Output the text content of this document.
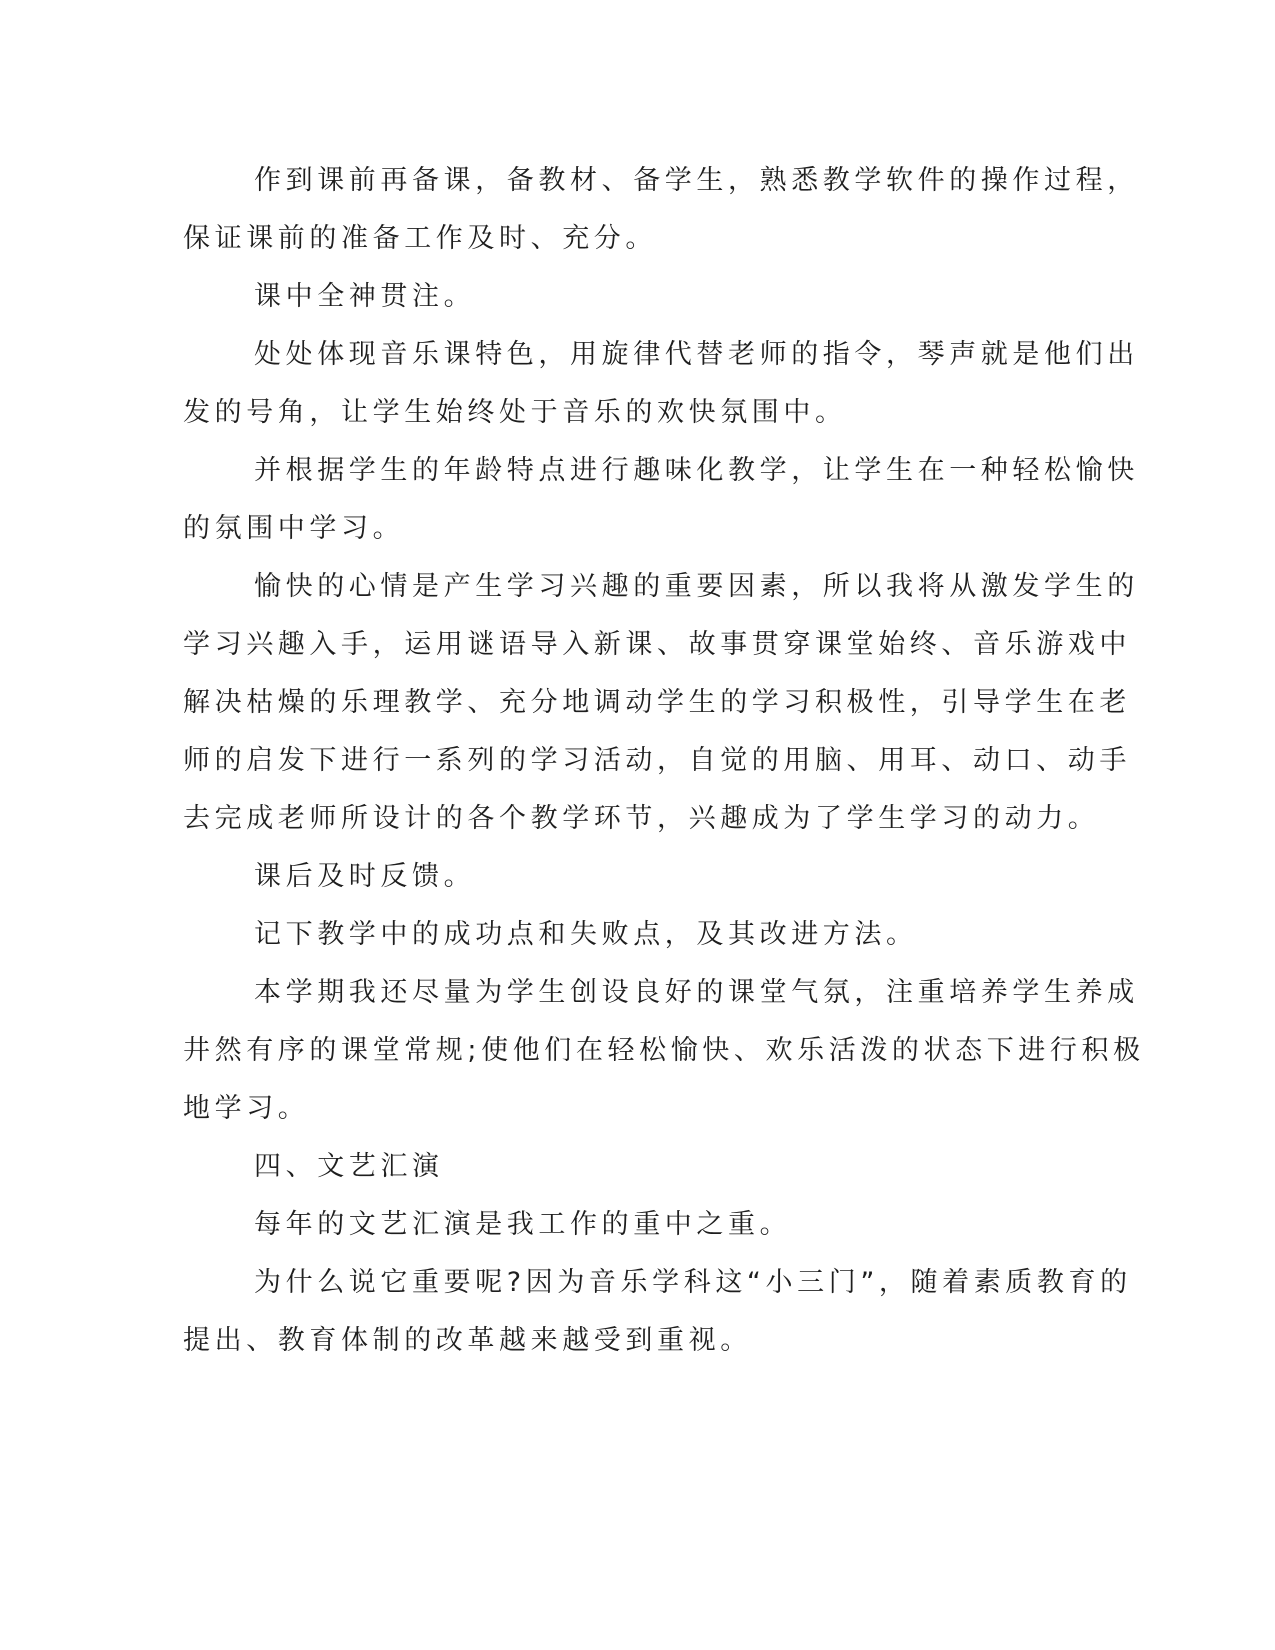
作到课前再备课，备教材、备学生，熟悉教学软件的操作过程，
保证课前的准备工作及时、充分。
课中全神贯注。
处处体现音乐课特色，用旋律代替老师的指令，琴声就是他们出
发的号角，让学生始终处于音乐的欢快氛围中。
并根据学生的年龄特点进行趣味化教学，让学生在一种轻松愉快
的氛围中学习。
愉快的心情是产生学习兴趣的重要因素，所以我将从激发学生的
学习兴趣入手，运用谜语导入新课、故事贯穿课堂始终、音乐游戏中
解决枯燥的乐理教学、充分地调动学生的学习积极性，引导学生在老
师的启发下进行一系列的学习活动，自觉的用脑、用耳、动口、动手
去完成老师所设计的各个教学环节，兴趣成为了学生学习的动力。
课后及时反馈。
记下教学中的成功点和失败点，及其改进方法。
本学期我还尽量为学生创设良好的课堂气氛，注重培养学生养成
井然有序的课堂常规;使他们在轻松愉快、欢乐活泼的状态下进行积极
地学习。
四、文艺汇演
每年的文艺汇演是我工作的重中之重。
为什么说它重要呢?因为音乐学科这“小三门”，随着素质教育的
提出、教育体制的改革越来越受到重视。
